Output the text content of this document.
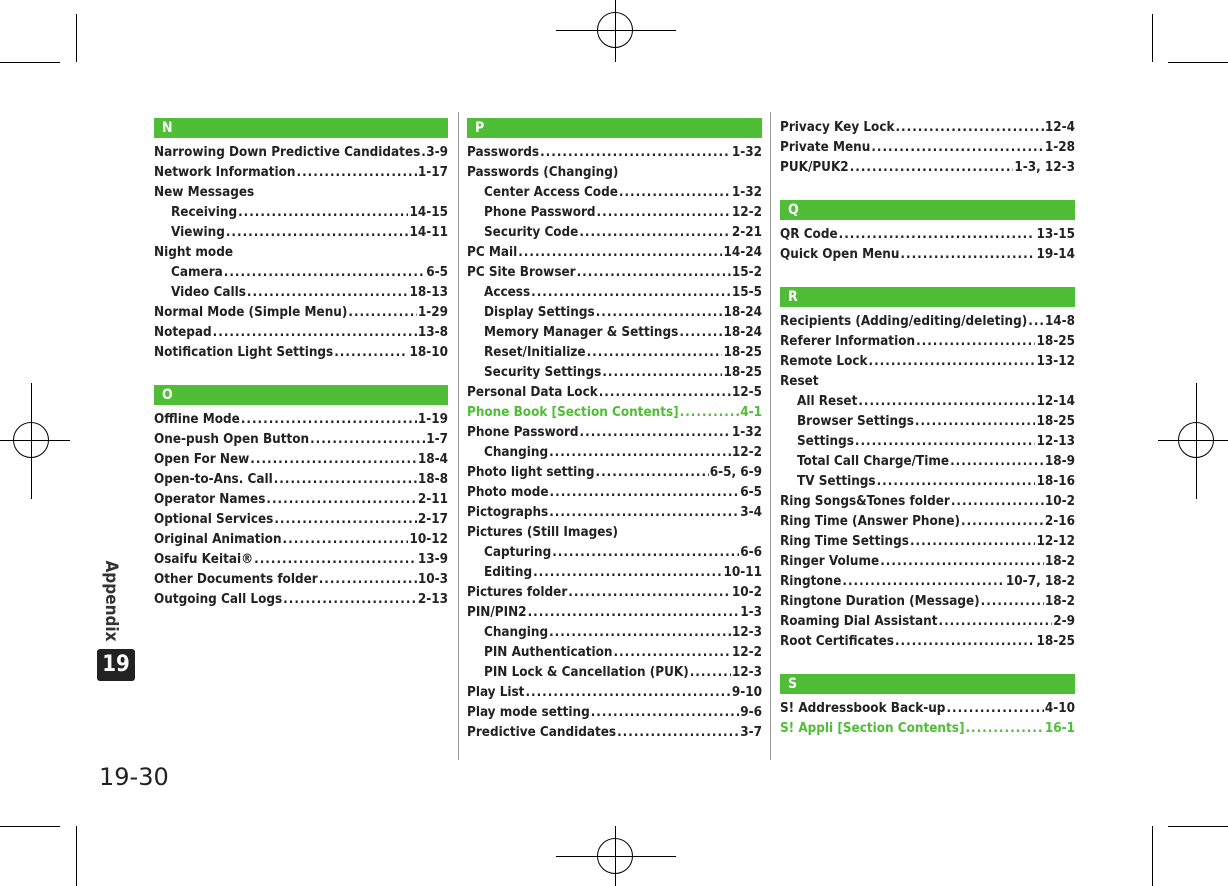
Appendix
19
19-30
N
Narrowing Down Predictive Candidates ..... 3-9
Network Information .....	1-17
New Messages
Receiving .....	14-15
Viewing .....	14-11
Night mode
Camera .....	6-5
Video Calls .....	18-13
Normal Mode (Simple Menu) .....	1-29
Notepad .....	13-8
Notification Light Settings .....	18-10
O
Offline Mode .....	1-19
One-push Open Button .....	1-7
Open For New .....	18-4
Open-to-Ans. Call .....	18-8
Operator Names .....	2-11
Optional Services .....	2-17
Original Animation .....	10-12
Osaifu Keitai® .....	13-9
Other Documents folder .....	10-3
Outgoing Call Logs .....	2-13
P
Passwords .....	1-32
Passwords (Changing)
Center Access Code .....	1-32
Phone Password .....	12-2
Security Code .....	2-21
PC Mail .....	14-24
PC Site Browser .....	15-2
Access .....	15-5
Display Settings .....	18-24
Memory Manager & Settings .....	18-24
Reset/Initialize .....	18-25
Security Settings .....	18-25
Personal Data Lock .....	12-5
Phone Book [Section Contents] .....	4-1
Phone Password .....	1-32
Changing .....	12-2
Photo light setting .....	6-5, 6-9
Photo mode .....	6-5
Pictographs .....	3-4
Pictures (Still Images)
Capturing .....	6-6
Editing .....	10-11
Pictures folder .....	10-2
PIN/PIN2 .....	1-3
Changing .....	12-3
PIN Authentication .....	12-2
PIN Lock & Cancellation (PUK) .....	12-3
Play List .....	9-10
Play mode setting .....	9-6
Predictive Candidates .....	3-7
Privacy Key Lock .....	12-4
Private Menu .....	1-28
PUK/PUK2 .....	1-3, 12-3
Q
QR Code .....	13-15
Quick Open Menu .....	19-14
R
Recipients (Adding/editing/deleting) ..... 14-8
Referer Information .....	18-25
Remote Lock .....	13-12
Reset
All Reset .....	12-14
Browser Settings .....	18-25
Settings .....	12-13
Total Call Charge/Time .....	18-9
TV Settings .....	18-16
Ring Songs&Tones folder .....	10-2
Ring Time (Answer Phone) .....	2-16
Ring Time Settings .....	12-12
Ringer Volume .....	18-2
Ringtone .....	10-7, 18-2
Ringtone Duration (Message) .....	18-2
Roaming Dial Assistant .....	2-9
Root Certificates .....	18-25
S
S! Addressbook Back-up .....	4-10
S! Appli [Section Contents] .....	16-1
